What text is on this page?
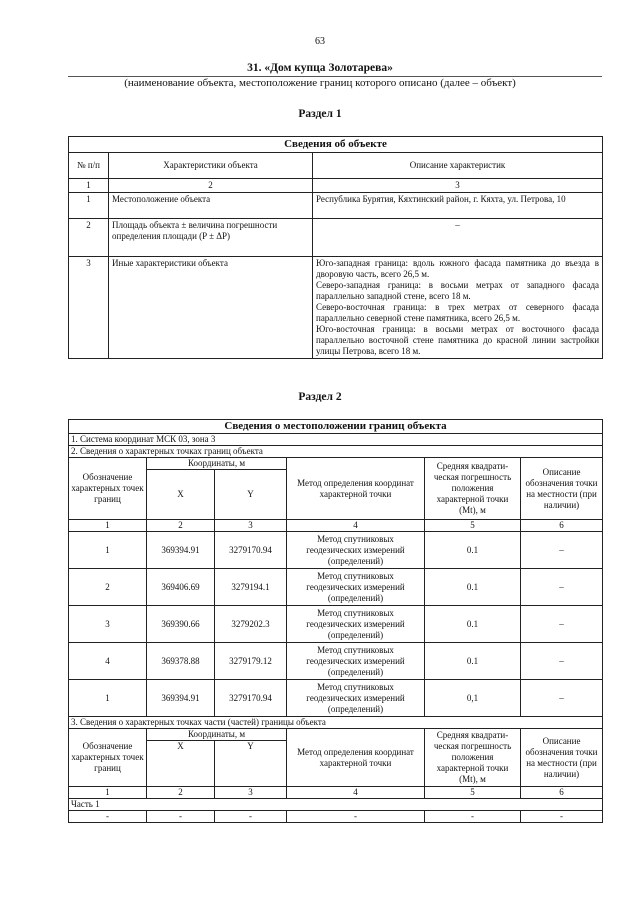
63
31. «Дом купца Золотарева»
(наименование объекта, местоположение границ которого описано (далее – объект)
Раздел 1
Сведения об объекте		
№ п/п	Характеристики объекта	Описание характеристик
1	2	3
1	Местоположение объекта	Республика Бурятия, Кяхтинский район, г. Кяхта, ул. Петрова, 10
2	Площадь объекта ± величина погрешности определения площади (P ± ΔP)	–
3	Иные характеристики объекта	Юго-западная граница: вдоль южного фасада памятника до въезда в дворовую часть, всего 26,5 м.
Северо-западная граница: в восьми метрах от западного фасада параллельно западной стене, всего 18 м.
Северо-восточная граница: в трех метрах от северного фасада параллельно северной стене памятника, всего 26,5 м.
Юго-восточная граница: в восьми метрах от восточного фасада параллельно восточной стене памятника до красной линии застройки улицы Петрова, всего 18 м.
Раздел 2
Сведения о местоположении границ объекта					
1. Система координат МСК 03, зона 3					
2. Сведения о характерных точках границ объекта					
Обозначение характерных точек границ	Координаты, м		Метод определения координат характерной точки	Средняя квадрати-ческая погрешность положения характерной точки (Мt), м	Описание обозначения точки на местности (при наличии)
	X	Y			
1	2	3	4	5	6
1	369394.91	3279170.94	Метод спутниковых геодезических измерений (определений)	0.1	–
2	369406.69	3279194.1	Метод спутниковых геодезических измерений (определений)	0.1	–
3	369390.66	3279202.3	Метод спутниковых геодезических измерений (определений)	0.1	–
4	369378.88	3279179.12	Метод спутниковых геодезических измерений (определений)	0.1	–
1	369394.91	3279170.94	Метод спутниковых геодезических измерений (определений)	0,1	–
3. Сведения о характерных точках части (частей) границы объекта					
Обозначение характерных точек границ	Координаты, м		Метод определения координат характерной точки	Средняя квадрати-ческая погрешность положения характерной точки (Мt), м	Описание обозначения точки на местности (при наличии)
	X	Y			
1	2	3	4	5	6
Часть 1					
-	-	-	-	-	-
